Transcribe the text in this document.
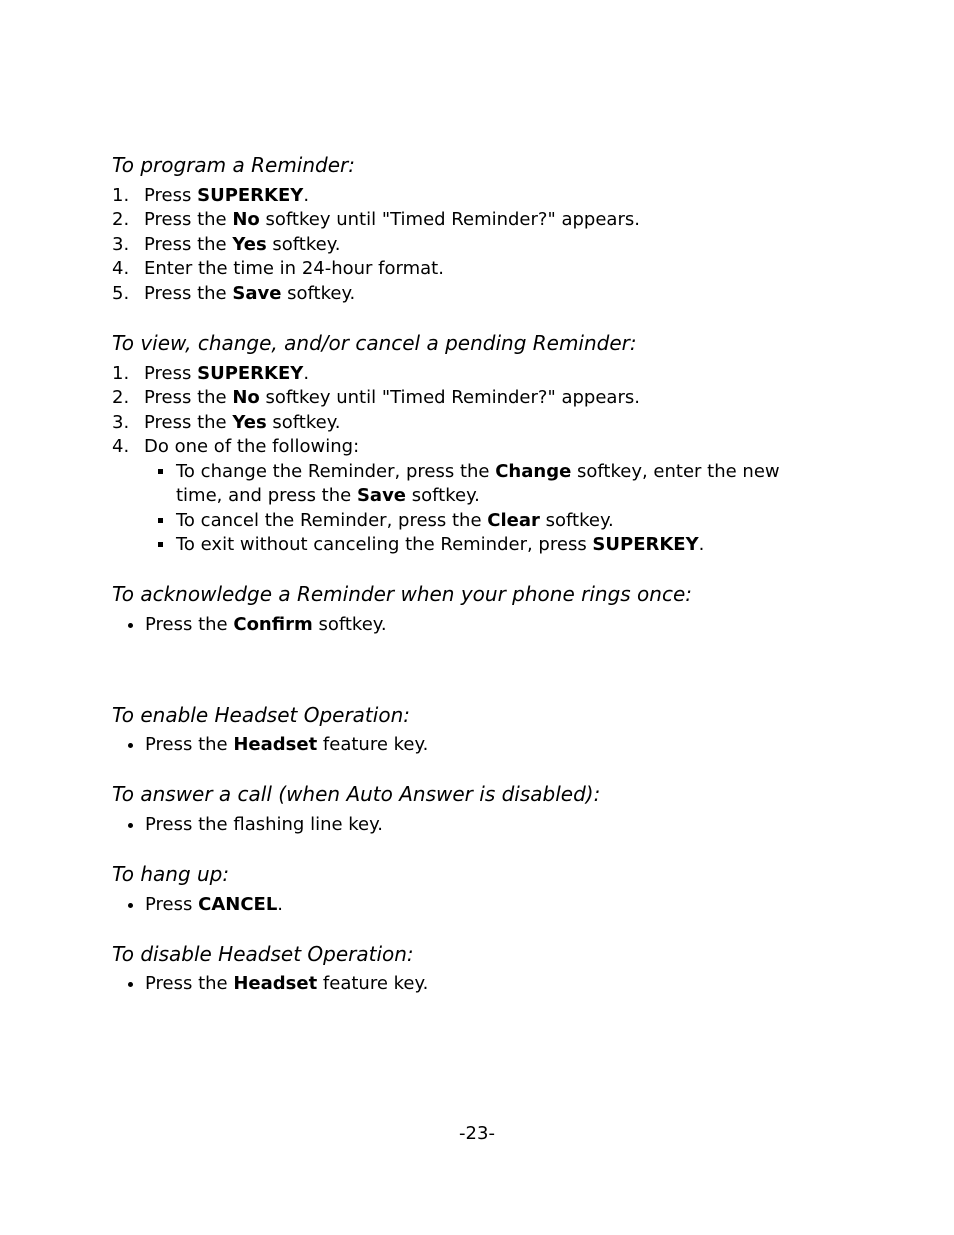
To program a Reminder:
1. Press SUPERKEY.
2. Press the No softkey until "Timed Reminder?" appears.
3. Press the Yes softkey.
4. Enter the time in 24-hour format.
5. Press the Save softkey.
To view, change, and/or cancel a pending Reminder:
1. Press SUPERKEY.
2. Press the No softkey until "Timed Reminder?" appears.
3. Press the Yes softkey.
4. Do one of the following:
To change the Reminder, press the Change softkey, enter the new
time, and press the Save softkey.
To cancel the Reminder, press the Clear softkey.
To exit without canceling the Reminder, press SUPERKEY.
To acknowledge a Reminder when your phone rings once:
Press the Confirm softkey.
To enable Headset Operation:
Press the Headset feature key.
To answer a call (when Auto Answer is disabled):
Press the flashing line key.
To hang up:
Press CANCEL.
To disable Headset Operation:
Press the Headset feature key.
-23-
